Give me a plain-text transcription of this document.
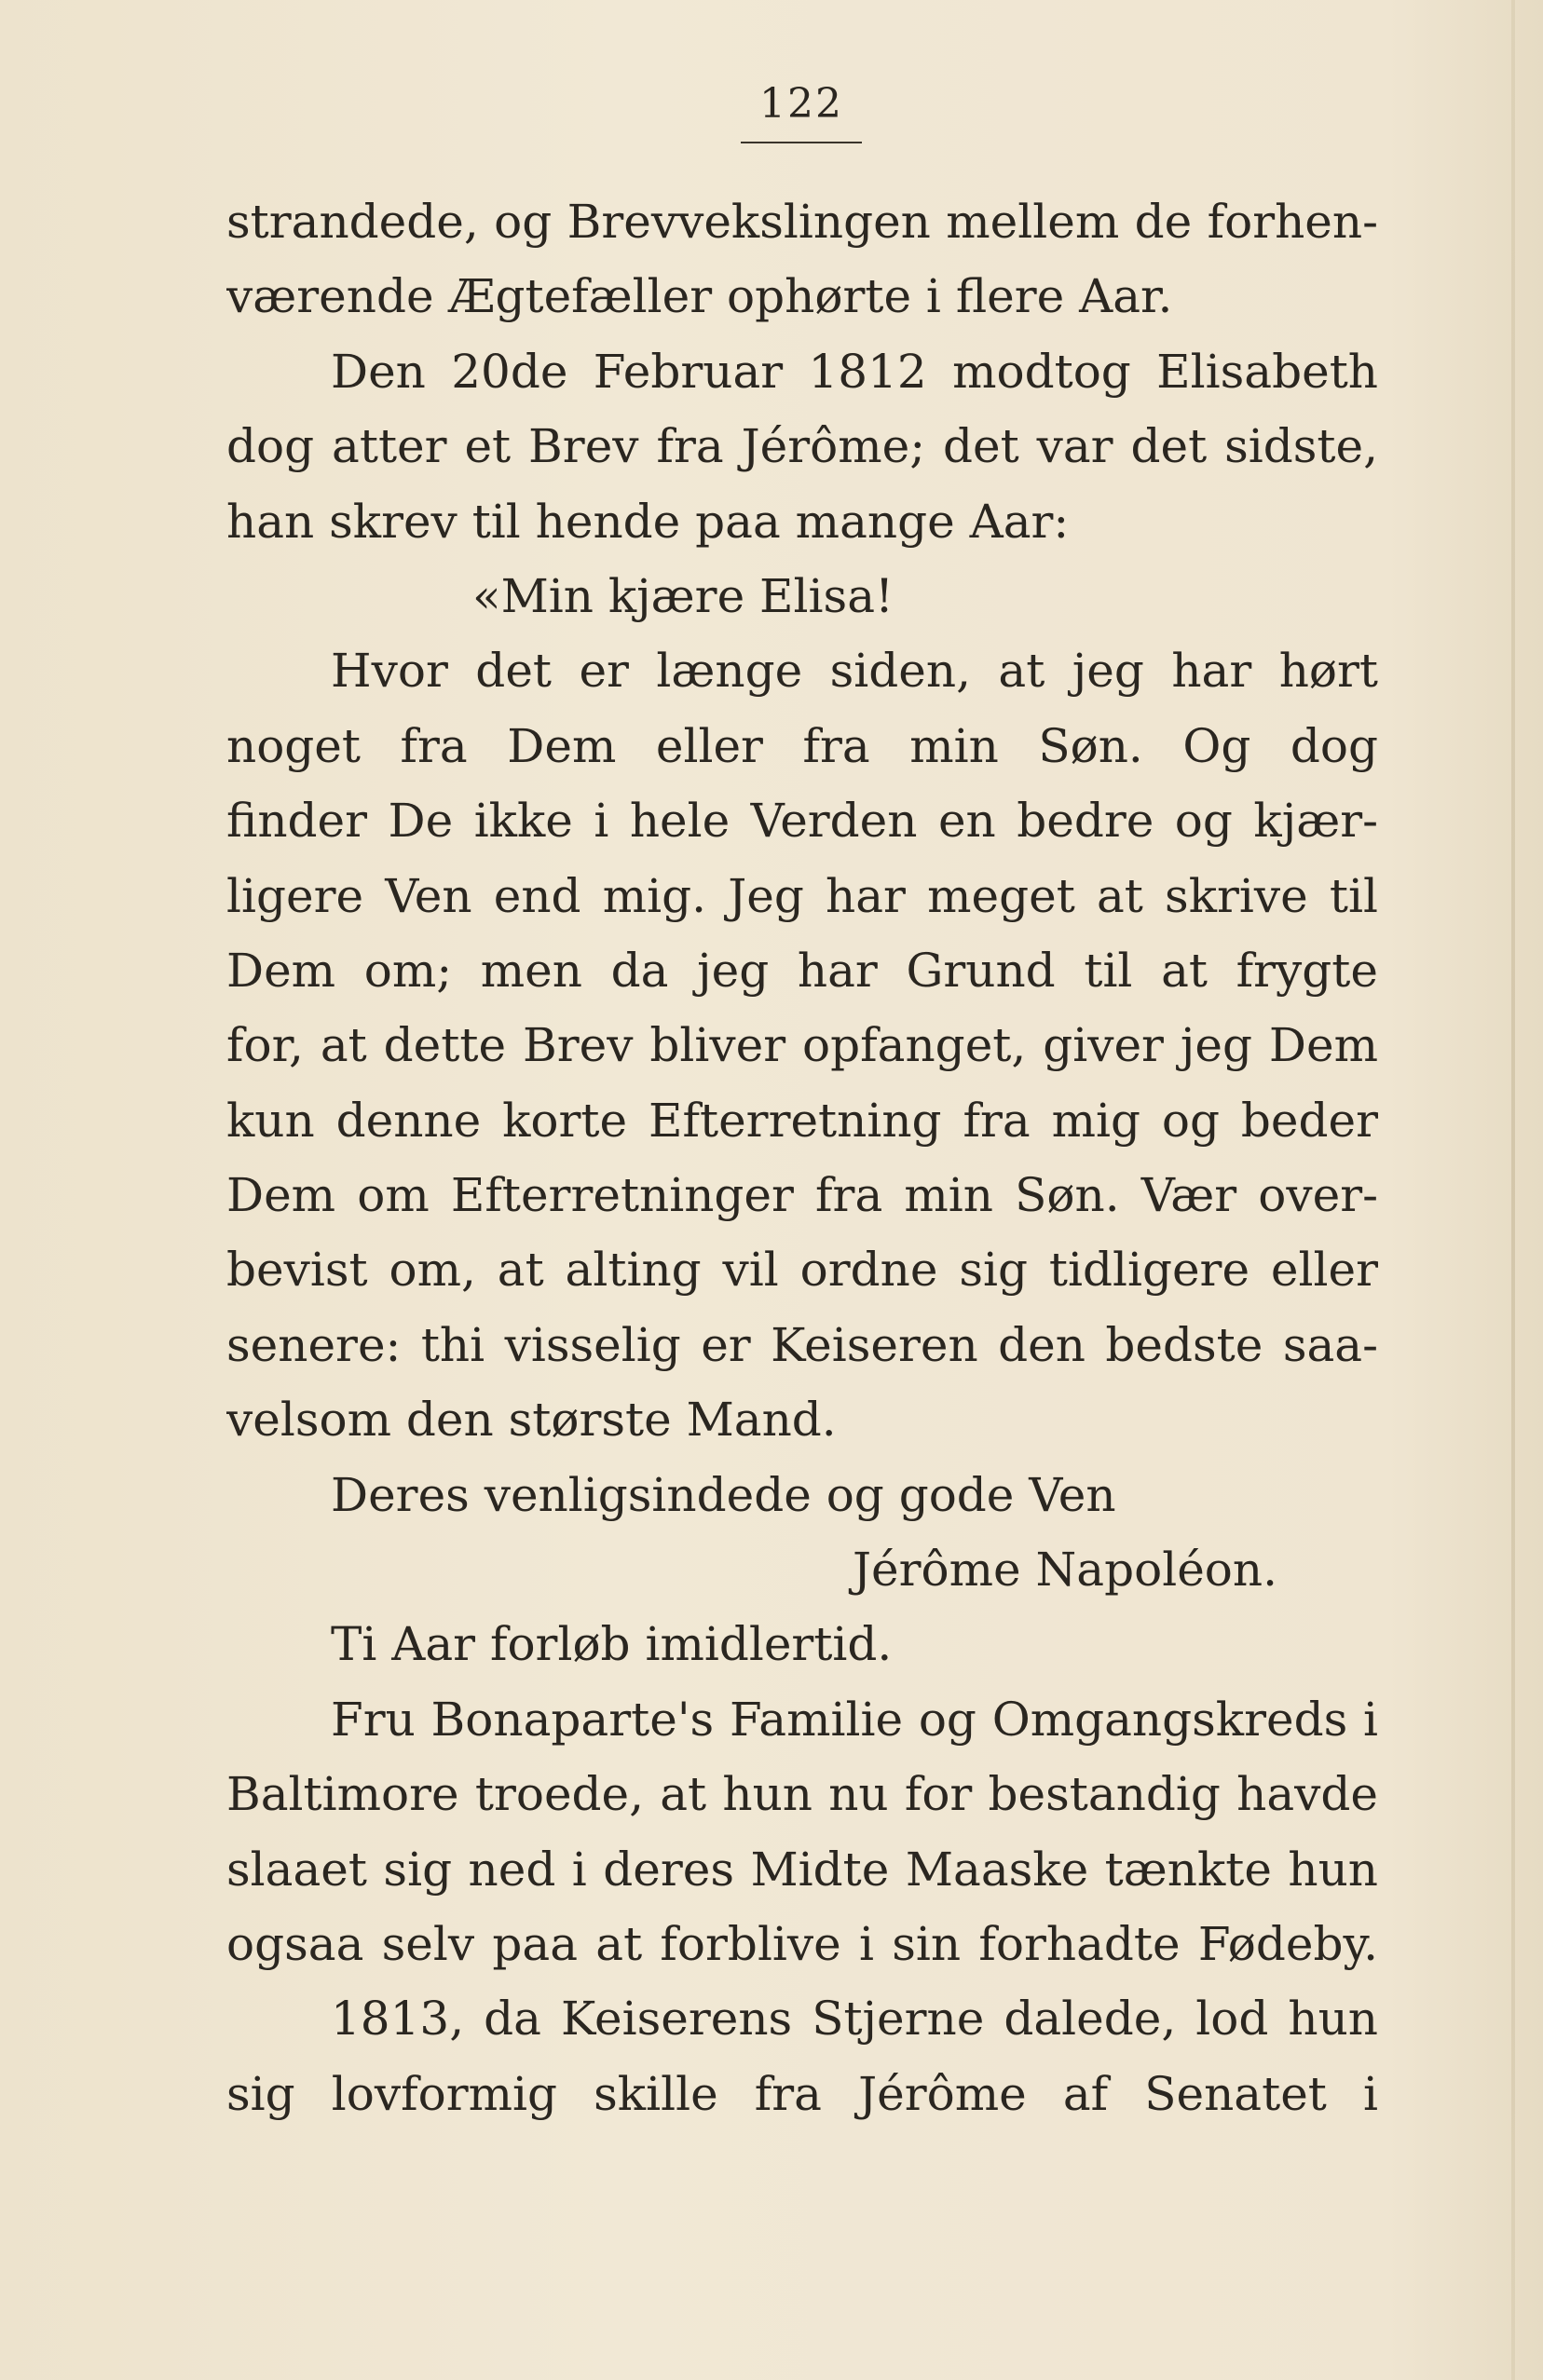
122
strandede, og Brevvekslingen mellem de forhen-
værende Ægtefæller ophørte i flere Aar.
Den 20de Februar 1812 modtog Elisabeth
dog atter et Brev fra Jérôme; det var det sidste,
han skrev til hende paa mange Aar:
«Min kjære Elisa!
Hvor det er længe siden, at jeg har hørt
noget fra Dem eller fra min Søn. Og dog
finder De ikke i hele Verden en bedre og kjær-
ligere Ven end mig. Jeg har meget at skrive til
Dem om; men da jeg har Grund til at frygte
for, at dette Brev bliver opfanget, giver jeg Dem
kun denne korte Efterretning fra mig og beder
Dem om Efterretninger fra min Søn. Vær over-
bevist om, at alting vil ordne sig tidligere eller
senere: thi visselig er Keiseren den bedste saa-
velsom den største Mand.
Deres venligsindede og gode Ven
Jérôme Napoléon.
Ti Aar forløb imidlertid.
Fru Bonaparte's Familie og Omgangskreds i
Baltimore troede, at hun nu for bestandig havde
slaaet sig ned i deres Midte Maaske tænkte hun
ogsaa selv paa at forblive i sin forhadte Fødeby.
1813, da Keiserens Stjerne dalede, lod hun
sig lovformig skille fra Jérôme af Senatet i
